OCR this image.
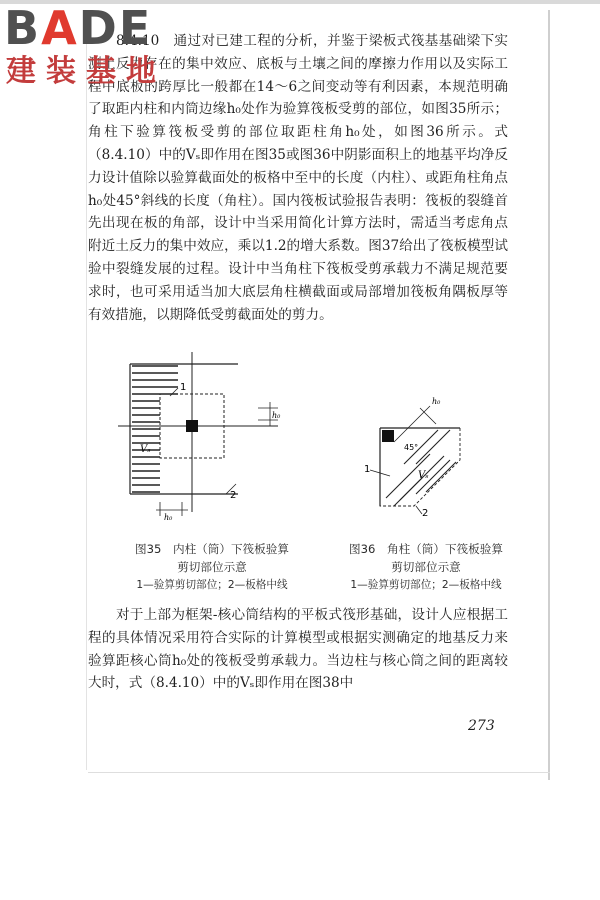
8.4.10　通过对已建工程的分析，并鉴于梁板式筏基基础梁下实测土反力存在的集中效应、底板与土壤之间的摩擦力作用以及实际工程中底板的跨厚比一般都在14～6之间变动等有利因素，本规范明确了取距内柱和内筒边缘h₀处作为验算筏板受剪的部位，如图35所示；角柱下验算筏板受剪的部位取距柱角h₀处，如图36所示。式（8.4.10）中的Vₛ即作用在图35或图36中阴影面积上的地基平均净反力设计值除以验算截面处的板格中至中的长度（内柱）、或距角柱角点h₀处45°斜线的长度（角柱）。国内筏板试验报告表明：筏板的裂缝首先出现在板的角部，设计中当采用简化计算方法时，需适当考虑角点附近土反力的集中效应，乘以1.2的增大系数。图37给出了筏板模型试验中裂缝发展的过程。设计中当角柱下筏板受剪承载力不满足规范要求时，也可采用适当加大底层角柱横截面或局部增加筏板角隅板厚等有效措施，以期降低受剪截面处的剪力。

1
2
Vₛ
h₀
h₀
1
2
Vₛ
45°
h₀
图35　内柱（筒）下筏板验算
剪切部位示意
1—验算剪切部位；2—板格中线
图36　角柱（筒）下筏板验算
剪切部位示意
1—验算剪切部位；2—板格中线

对于上部为框架-核心筒结构的平板式筏形基础，设计人应根据工程的具体情况采用符合实际的计算模型或根据实测确定的地基反力来验算距核心筒h₀处的筏板受剪承载力。当边柱与核心筒之间的距离较大时，式（8.4.10）中的Vₛ即作用在图38中

273
BADE
建装基地
